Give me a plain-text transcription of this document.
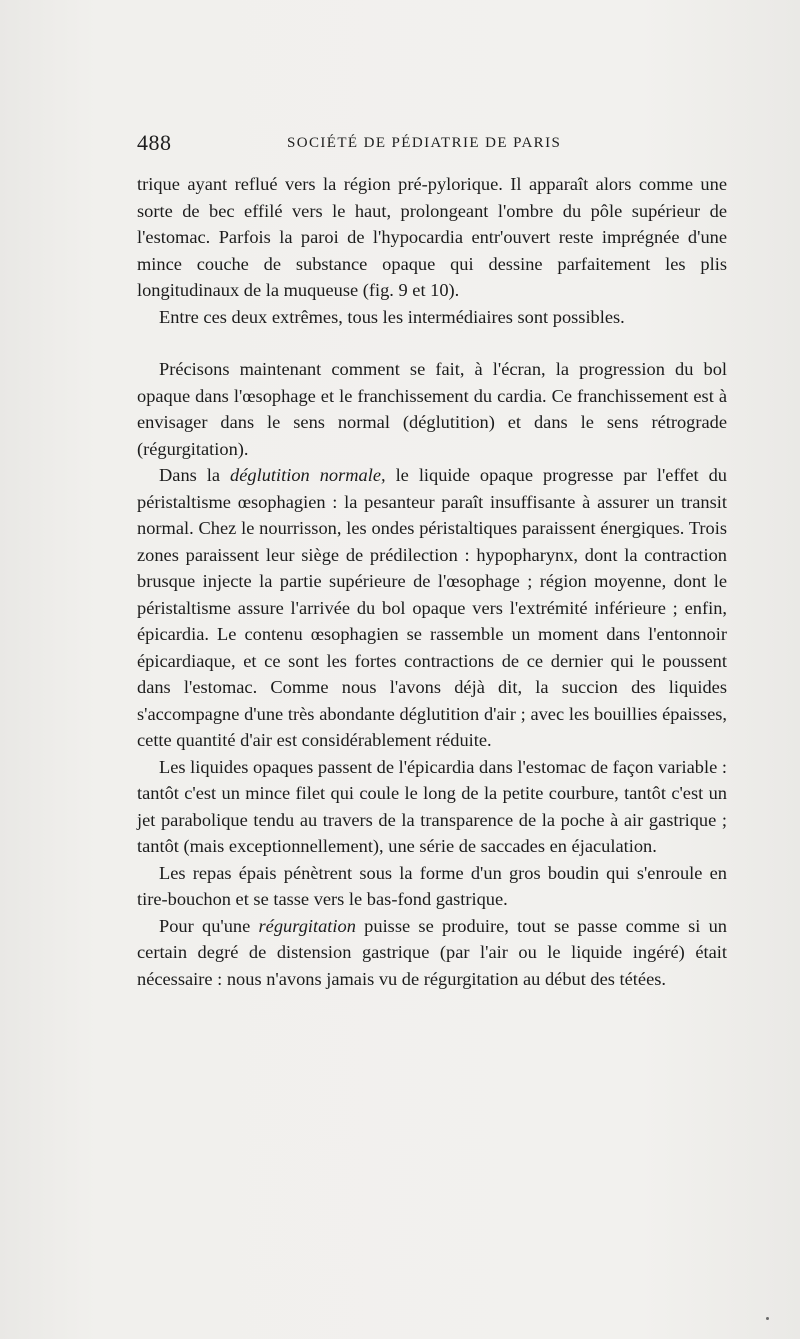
488	SOCIÉTÉ DE PÉDIATRIE DE PARIS

trique ayant reflué vers la région pré-pylorique. Il apparaît alors comme une sorte de bec effilé vers le haut, prolongeant l'ombre du pôle supérieur de l'estomac. Parfois la paroi de l'hypocardia entr'ouvert reste imprégnée d'une mince couche de substance opaque qui dessine parfaitement les plis longitudinaux de la muqueuse (fig. 9 et 10).

Entre ces deux extrêmes, tous les intermédiaires sont possibles.

Précisons maintenant comment se fait, à l'écran, la progression du bol opaque dans l'œsophage et le franchissement du cardia. Ce franchissement est à envisager dans le sens normal (déglutition) et dans le sens rétrograde (régurgitation).

Dans la déglutition normale, le liquide opaque progresse par l'effet du péristaltisme œsophagien : la pesanteur paraît insuffisante à assurer un transit normal. Chez le nourrisson, les ondes péristaltiques paraissent énergiques. Trois zones paraissent leur siège de prédilection : hypopharynx, dont la contraction brusque injecte la partie supérieure de l'œsophage ; région moyenne, dont le péristaltisme assure l'arrivée du bol opaque vers l'extrémité inférieure ; enfin, épicardia. Le contenu œsophagien se rassemble un moment dans l'entonnoir épicardiaque, et ce sont les fortes contractions de ce dernier qui le poussent dans l'estomac. Comme nous l'avons déjà dit, la succion des liquides s'accompagne d'une très abondante déglutition d'air ; avec les bouillies épaisses, cette quantité d'air est considérablement réduite.

Les liquides opaques passent de l'épicardia dans l'estomac de façon variable : tantôt c'est un mince filet qui coule le long de la petite courbure, tantôt c'est un jet parabolique tendu au travers de la transparence de la poche à air gastrique ; tantôt (mais exceptionnellement), une série de saccades en éjaculation.

Les repas épais pénètrent sous la forme d'un gros boudin qui s'enroule en tire-bouchon et se tasse vers le bas-fond gastrique.

Pour qu'une régurgitation puisse se produire, tout se passe comme si un certain degré de distension gastrique (par l'air ou le liquide ingéré) était nécessaire : nous n'avons jamais vu de régurgitation au début des tétées.
